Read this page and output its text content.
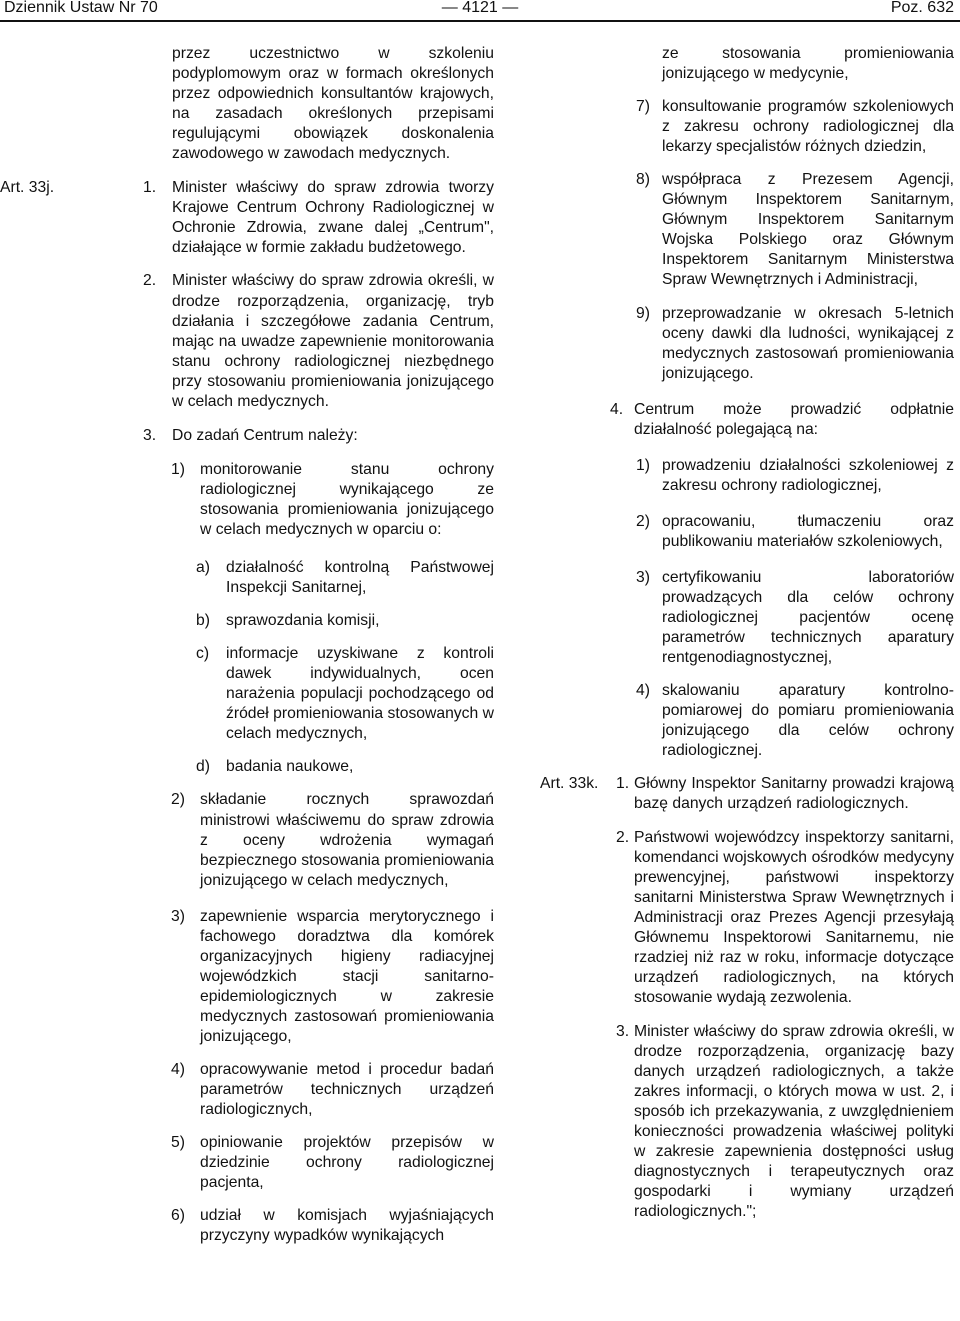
Dziennik Ustaw Nr 70	— 4121 —	Poz. 632
przez uczestnictwo w szkoleniu podyplomowym oraz w formach określonych przez odpowiednich konsultantów krajowych, na zasadach określonych przepisami regulującymi obowiązek doskonalenia zawodowego w zawodach medycznych.
Art. 33j.	1. Minister właściwy do spraw zdrowia tworzy Krajowe Centrum Ochrony Radiologicznej w Ochronie Zdrowia, zwane dalej „Centrum", działające w formie zakładu budżetowego.
2. Minister właściwy do spraw zdrowia określi, w drodze rozporządzenia, organizację, tryb działania i szczegółowe zadania Centrum, mając na uwadze zapewnienie monitorowania stanu ochrony radiologicznej niezbędnego przy stosowaniu promieniowania jonizującego w celach medycznych.
3. Do zadań Centrum należy:
1) monitorowanie stanu ochrony radiologicznej wynikającego ze stosowania promieniowania jonizującego w celach medycznych w oparciu o:
a) działalność kontrolną Państwowej Inspekcji Sanitarnej,
b) sprawozdania komisji,
c) informacje uzyskiwane z kontroli dawek indywidualnych, ocen narażenia populacji pochodzącego od źródeł promieniowania stosowanych w celach medycznych,
d) badania naukowe,
2) składanie rocznych sprawozdań ministrowi właściwemu do spraw zdrowia z oceny wdrożenia wymagań bezpiecznego stosowania promieniowania jonizującego w celach medycznych,
3) zapewnienie wsparcia merytorycznego i fachowego doradztwa dla komórek organizacyjnych higieny radiacyjnej wojewódzkich stacji sanitarno-epidemiologicznych w zakresie medycznych zastosowań promieniowania jonizującego,
4) opracowywanie metod i procedur badań parametrów technicznych urządzeń radiologicznych,
5) opiniowanie projektów przepisów w dziedzinie ochrony radiologicznej pacjenta,
6) udział w komisjach wyjaśniających przyczyny wypadków wynikających
ze stosowania promieniowania jonizującego w medycynie,
7) konsultowanie programów szkoleniowych z zakresu ochrony radiologicznej dla lekarzy specjalistów różnych dziedzin,
8) współpraca z Prezesem Agencji, Głównym Inspektorem Sanitarnym, Głównym Inspektorem Sanitarnym Wojska Polskiego oraz Głównym Inspektorem Sanitarnym Ministerstwa Spraw Wewnętrznych i Administracji,
9) przeprowadzanie w okresach 5-letnich oceny dawki dla ludności, wynikającej z medycznych zastosowań promieniowania jonizującego.
4. Centrum może prowadzić odpłatnie działalność polegającą na:
1) prowadzeniu działalności szkoleniowej z zakresu ochrony radiologicznej,
2) opracowaniu, tłumaczeniu oraz publikowaniu materiałów szkoleniowych,
3) certyfikowaniu laboratoriów prowadzących dla celów ochrony radiologicznej pacjentów ocenę parametrów technicznych aparatury rentgenodiagnostycznej,
4) skalowaniu aparatury kontrolno-pomiarowej do pomiaru promieniowania jonizującego dla celów ochrony radiologicznej.
Art. 33k. 1. Główny Inspektor Sanitarny prowadzi krajową bazę danych urządzeń radiologicznych.
2. Państwowi wojewódzcy inspektorzy sanitarni, komendanci wojskowych ośrodków medycyny prewencyjnej, państwowi inspektorzy sanitarni Ministerstwa Spraw Wewnętrznych i Administracji oraz Prezes Agencji przesyłają Głównemu Inspektorowi Sanitarnemu, nie rzadziej niż raz w roku, informacje dotyczące urządzeń radiologicznych, na których stosowanie wydają zezwolenia.
3. Minister właściwy do spraw zdrowia określi, w drodze rozporządzenia, organizację bazy danych urządzeń radiologicznych, a także zakres informacji, o których mowa w ust. 2, i sposób ich przekazywania, z uwzględnieniem konieczności prowadzenia właściwej polityki w zakresie zapewnienia dostępności usług diagnostycznych i terapeutycznych oraz gospodarki i wymiany urządzeń radiologicznych.";
